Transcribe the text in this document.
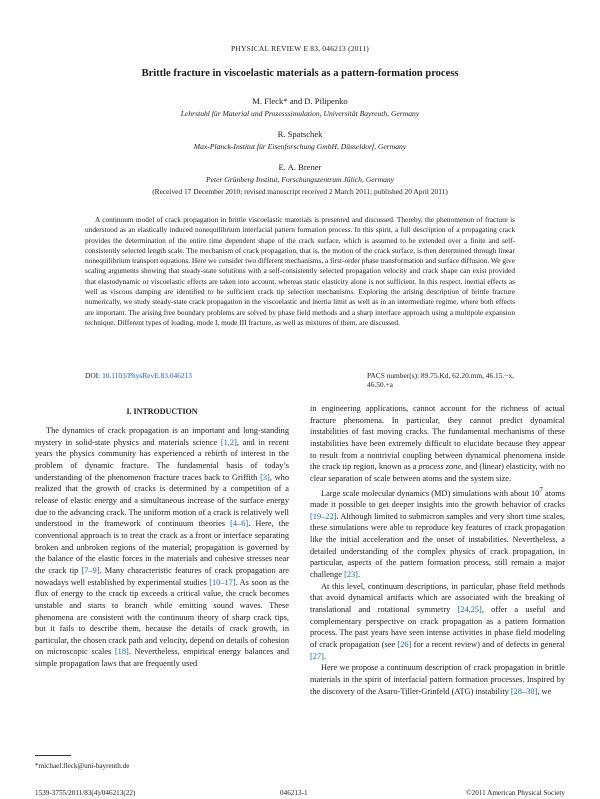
PHYSICAL REVIEW E 83, 046213 (2011)
Brittle fracture in viscoelastic materials as a pattern-formation process
M. Fleck* and D. Pilipenko
Lehrstuhl für Material und Prozesssimulation, Universität Bayreuth, Germany
R. Spatschek
Max-Planck-Institut für Eisenforschung GmbH, Düsseldorf, Germany
E. A. Brener
Peter Grünberg Institut, Forschungszentrum Jülich, Germany
(Received 17 December 2010; revised manuscript received 2 March 2011; published 20 April 2011)

A continuum model of crack propagation in brittle viscoelastic materials is presented and discussed. Thereby, the phenomenon of fracture is understood as an elastically induced nonequilibrium interfacial pattern formation process. In this spirit, a full description of a propagating crack provides the determination of the entire time dependent shape of the crack surface, which is assumed to be extended over a finite and self-consistently selected length scale. The mechanism of crack propagation, that is, the motion of the crack surface, is then determined through linear nonequilibrium transport equations. Here we consider two different mechanisms, a first-order phase transformation and surface diffusion. We give scaling arguments showing that steady-state solutions with a self-consistently selected propagation velocity and crack shape can exist provided that elastodynamic or viscoelastic effects are taken into account, whereas static elasticity alone is not sufficient. In this respect, inertial effects as well as viscous damping are identified to be sufficient crack tip selection mechanisms. Exploring the arising description of brittle fracture numerically, we study steady-state crack propagation in the viscoelastic and inertia limit as well as in an intermediate regime, where both effects are important. The arising free boundary problems are solved by phase field methods and a sharp interface approach using a multipole expansion technique. Different types of loading, mode I, mode III fracture, as well as mixtures of them, are discussed.

DOI: 10.1103/PhysRevE.83.046213	PACS number(s): 89.75.Kd, 62.20.mm, 46.15.−x, 46.50.+a
I. INTRODUCTION

The dynamics of crack propagation is an important and long-standing mystery in solid-state physics and materials science [1,2], and in recent years the physics community has experienced a rebirth of interest in the problem of dynamic fracture. The fundamental basis of today’s understanding of the phenomenon fracture traces back to Griffith [3], who realized that the growth of cracks is determined by a competition of a release of elastic energy and a simultaneous increase of the surface energy due to the advancing crack. The uniform motion of a crack is relatively well understood in the framework of continuum theories [4–6]. Here, the conventional approach is to treat the crack as a front or interface separating broken and unbroken regions of the material; propagation is governed by the balance of the elastic forces in the materials and cohesive stresses near the crack tip [7–9]. Many characteristic features of crack propagation are nowadays well established by experimental studies [10–17]. As soon as the flux of energy to the crack tip exceeds a critical value, the crack becomes unstable and starts to branch while emitting sound waves. These phenomena are consistent with the continuum theory of sharp crack tips, but it fails to describe them, because the details of crack growth, in particular, the chosen crack path and velocity, depend on details of cohesion on microscopic scales [18]. Nevertheless, empirical energy balances and simple propagation laws that are frequently used

in engineering applications, cannot account for the richness of actual fracture phenomena. In particular, they cannot predict dynamical instabilities of fast moving cracks. The fundamental mechanisms of these instabilities have been extremely difficult to elucidate because they appear to result from a nontrivial coupling between dynamical phenomena inside the crack tip region, known as a process zone, and (linear) elasticity, with no clear separation of scale between atoms and the system size.

Large scale molecular dynamics (MD) simulations with about $10^7$ atoms made it possible to get deeper insights into the growth behavior of cracks [19–22]. Although limited to submicron samples and very short time scales, these simulations were able to reproduce key features of crack propagation like the initial acceleration and the onset of instabilities. Nevertheless, a detailed understanding of the complex physics of crack propagation, in particular, aspects of the pattern formation process, still remain a major challenge [23].

At this level, continuum descriptions, in particular, phase field methods that avoid dynamical artifacts which are associated with the breaking of translational and rotational symmetry [24,25], offer a useful and complementary perspective on crack propagation as a pattern formation process. The past years have seen intense activities in phase field modeling of crack propagation (see [26] for a recent review) and of defects in general [27].

Here we propose a continuum description of crack propagation in brittle materials in the spirit of interfacial pattern formation processes. Inspired by the discovery of the Asaro-Tiller-Grinfeld (ATG) instability [28–30], we

*michael.fleck@uni-bayreuth.de
1539-3755/2011/83(4)/046213(22)	046213-1	©2011 American Physical Society
